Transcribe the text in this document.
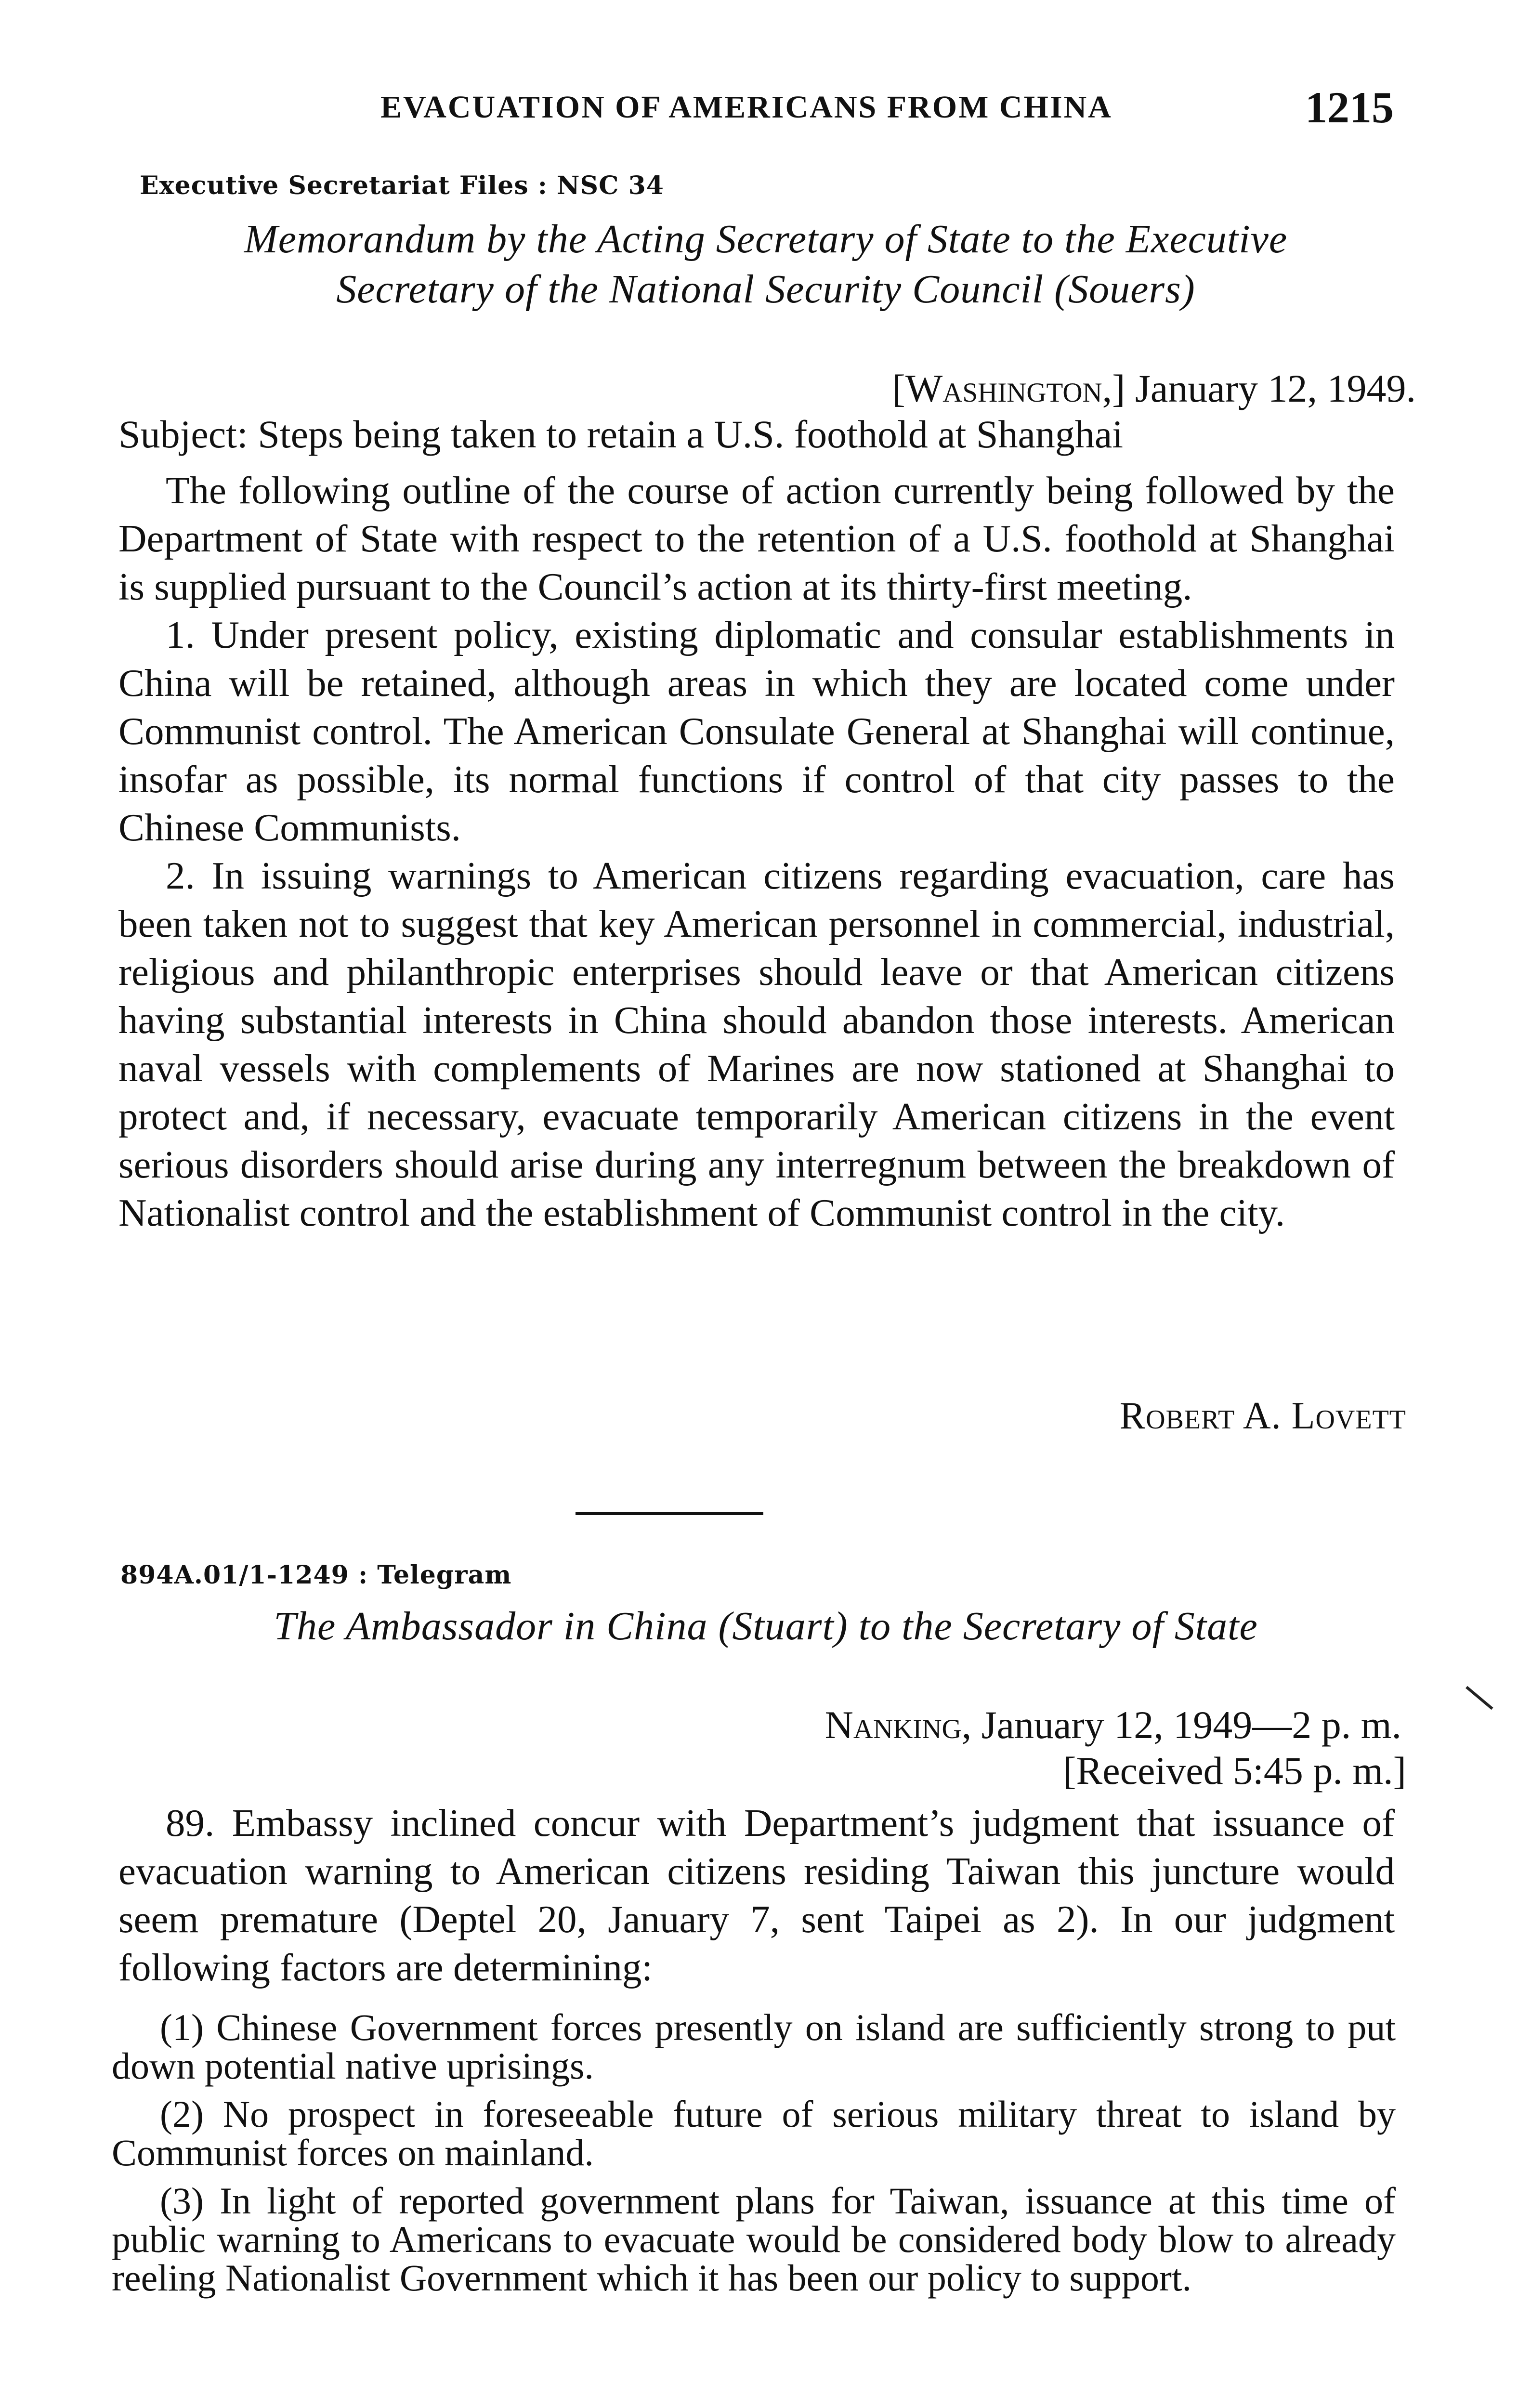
EVACUATION OF AMERICANS FROM CHINA	1215
Executive Secretariat Files : NSC 34
Memorandum by the Acting Secretary of State to the Executive
Secretary of the National Security Council (Souers)
[Washington,] January 12, 1949.
Subject: Steps being taken to retain a U.S. foothold at Shanghai

The following outline of the course of action currently being followed by the Department of State with respect to the retention of a U.S. foothold at Shanghai is supplied pursuant to the Council’s action at its thirty-first meeting.

1. Under present policy, existing diplomatic and consular establishments in China will be retained, although areas in which they are located come under Communist control. The American Consulate General at Shanghai will continue, insofar as possible, its normal functions if control of that city passes to the Chinese Communists.

2. In issuing warnings to American citizens regarding evacuation, care has been taken not to suggest that key American personnel in commercial, industrial, religious and philanthropic enterprises should leave or that American citizens having substantial interests in China should abandon those interests. American naval vessels with complements of Marines are now stationed at Shanghai to protect and, if necessary, evacuate temporarily American citizens in the event serious disorders should arise during any interregnum between the breakdown of Nationalist control and the establishment of Communist control in the city.

Robert A. Lovett
894A.01/1-1249 : Telegram
The Ambassador in China (Stuart) to the Secretary of State
Nanking, January 12, 1949—2 p. m.
[Received 5:45 p. m.]

89. Embassy inclined concur with Department’s judgment that issuance of evacuation warning to American citizens residing Taiwan this juncture would seem premature (Deptel 20, January 7, sent Taipei as 2). In our judgment following factors are determining:

(1) Chinese Government forces presently on island are sufficiently strong to put down potential native uprisings.

(2) No prospect in foreseeable future of serious military threat to island by Communist forces on mainland.

(3) In light of reported government plans for Taiwan, issuance at this time of public warning to Americans to evacuate would be considered body blow to already reeling Nationalist Government which it has been our policy to support.
